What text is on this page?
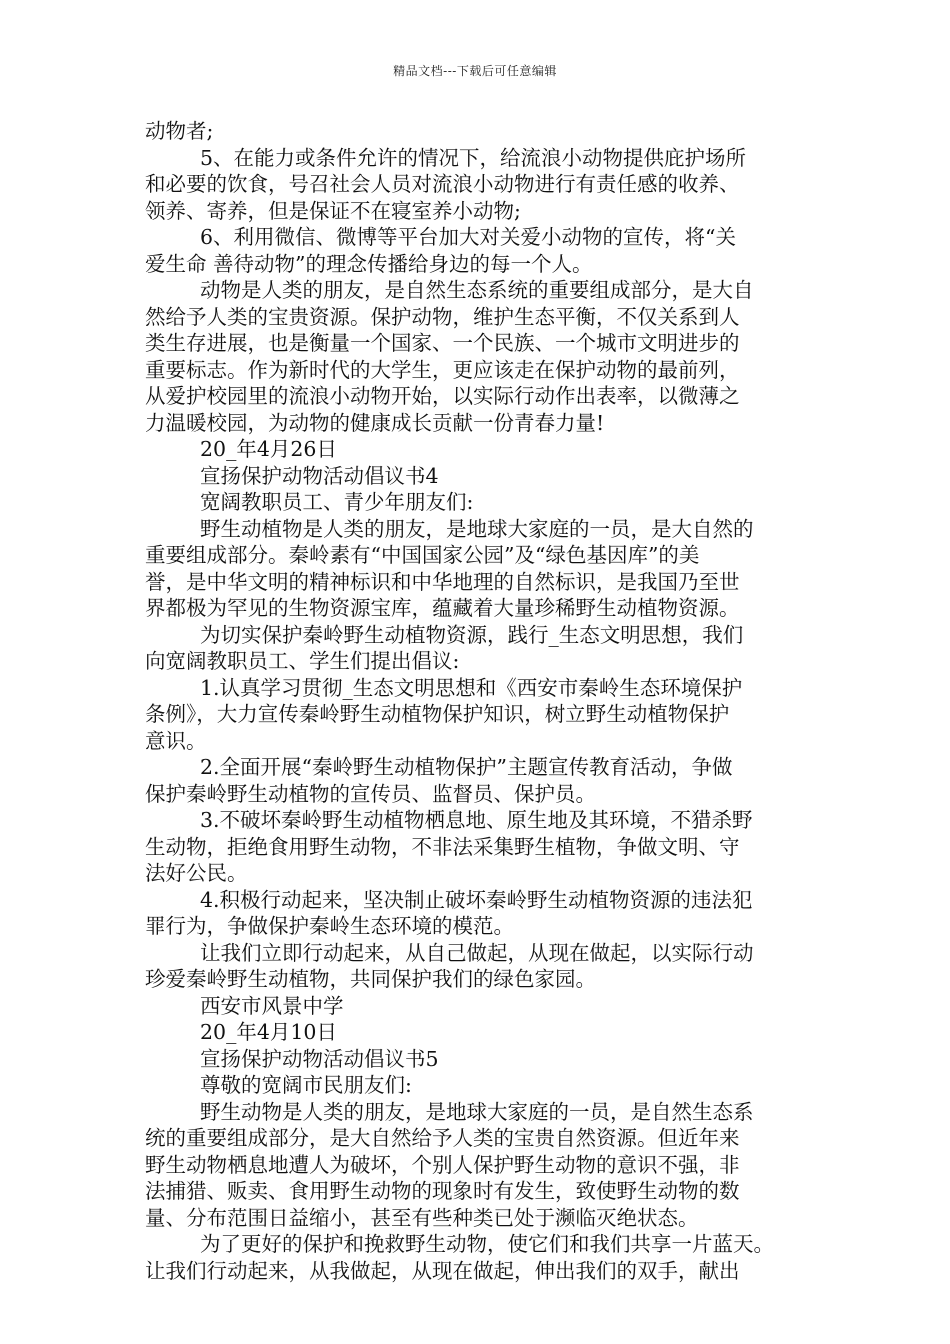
精品文档---下载后可任意编辑

动物者;

5、在能力或条件允许的情况下，给流浪小动物提供庇护场所

和必要的饮食，号召社会人员对流浪小动物进行有责任感的收养、

领养、寄养，但是保证不在寝室养小动物;

6、利用微信、微博等平台加大对关爱小动物的宣传，将“关

爱生命 善待动物”的理念传播给身边的每一个人。

动物是人类的朋友，是自然生态系统的重要组成部分，是大自

然给予人类的宝贵资源。保护动物，维护生态平衡，不仅关系到人

类生存进展，也是衡量一个国家、一个民族、一个城市文明进步的

重要标志。作为新时代的大学生，更应该走在保护动物的最前列，

从爱护校园里的流浪小动物开始，以实际行动作出表率，以微薄之

力温暖校园，为动物的健康成长贡献一份青春力量!

20_年4月26日

宣扬保护动物活动倡议书4

宽阔教职员工、青少年朋友们:

野生动植物是人类的朋友，是地球大家庭的一员，是大自然的

重要组成部分。秦岭素有“中国国家公园”及“绿色基因库”的美

誉，是中华文明的精神标识和中华地理的自然标识，是我国乃至世

界都极为罕见的生物资源宝库，蕴藏着大量珍稀野生动植物资源。

为切实保护秦岭野生动植物资源，践行_生态文明思想，我们

向宽阔教职员工、学生们提出倡议:

1.认真学习贯彻_生态文明思想和《西安市秦岭生态环境保护

条例》，大力宣传秦岭野生动植物保护知识，树立野生动植物保护

意识。

2.全面开展“秦岭野生动植物保护”主题宣传教育活动，争做

保护秦岭野生动植物的宣传员、监督员、保护员。

3.不破坏秦岭野生动植物栖息地、原生地及其环境，不猎杀野

生动物，拒绝食用野生动物，不非法采集野生植物，争做文明、守

法好公民。

4.积极行动起来，坚决制止破坏秦岭野生动植物资源的违法犯

罪行为，争做保护秦岭生态环境的模范。

让我们立即行动起来，从自己做起，从现在做起，以实际行动

珍爱秦岭野生动植物，共同保护我们的绿色家园。

西安市风景中学

20_年4月10日

宣扬保护动物活动倡议书5

尊敬的宽阔市民朋友们:

野生动物是人类的朋友，是地球大家庭的一员，是自然生态系

统的重要组成部分，是大自然给予人类的宝贵自然资源。但近年来

野生动物栖息地遭人为破坏，个别人保护野生动物的意识不强，非

法捕猎、贩卖、食用野生动物的现象时有发生，致使野生动物的数

量、分布范围日益缩小，甚至有些种类已处于濒临灭绝状态。

为了更好的保护和挽救野生动物，使它们和我们共享一片蓝天。

让我们行动起来，从我做起，从现在做起，伸出我们的双手，献出
